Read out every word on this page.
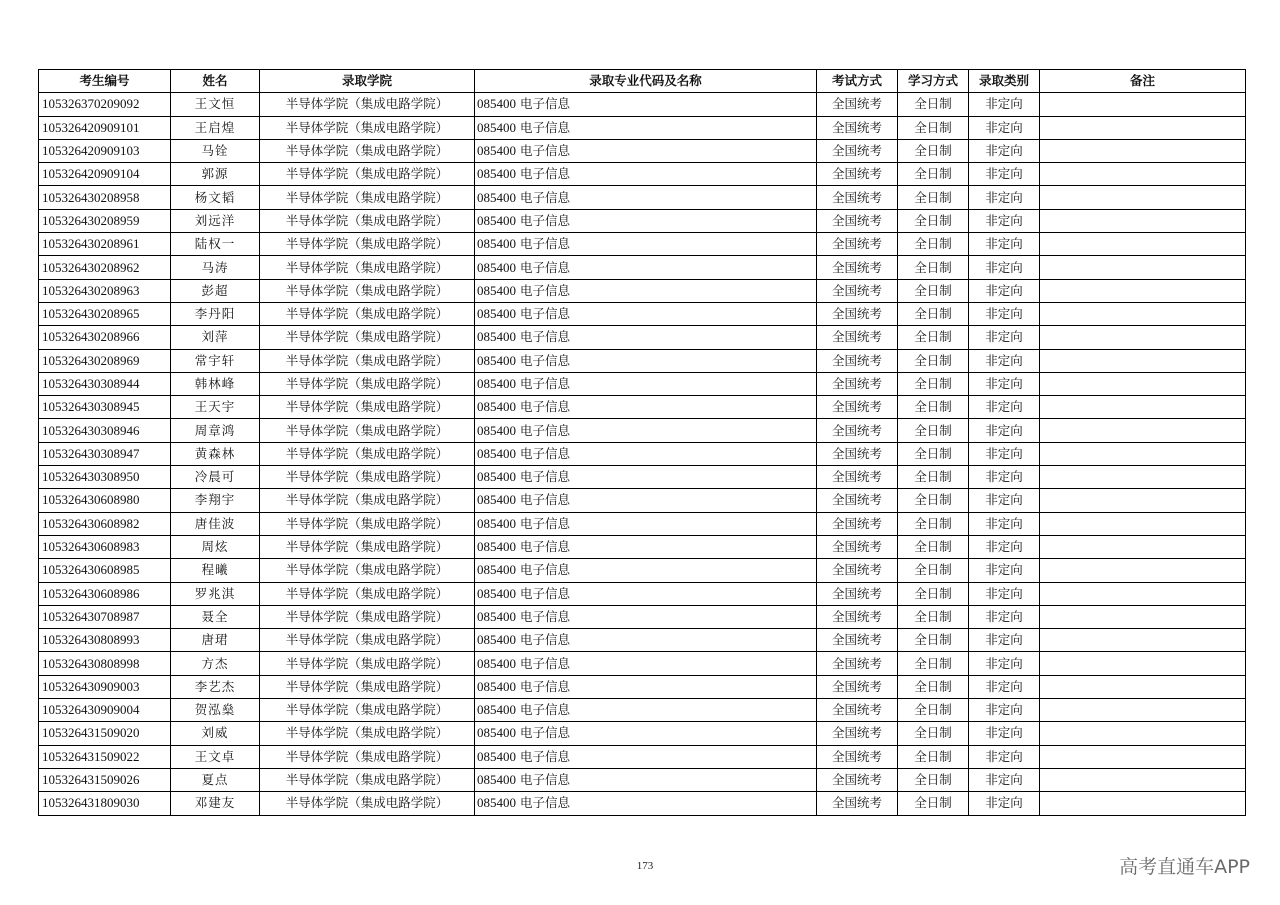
考生编号	姓名	录取学院	录取专业代码及名称	考试方式	学习方式	录取类别	备注
105326370209092	王文恒	半导体学院（集成电路学院）	085400 电子信息	全国统考	全日制	非定向	
105326420909101	王启煌	半导体学院（集成电路学院）	085400 电子信息	全国统考	全日制	非定向	
105326420909103	马铨	半导体学院（集成电路学院）	085400 电子信息	全国统考	全日制	非定向	
105326420909104	郭源	半导体学院（集成电路学院）	085400 电子信息	全国统考	全日制	非定向	
105326430208958	杨文韬	半导体学院（集成电路学院）	085400 电子信息	全国统考	全日制	非定向	
105326430208959	刘远洋	半导体学院（集成电路学院）	085400 电子信息	全国统考	全日制	非定向	
105326430208961	陆权一	半导体学院（集成电路学院）	085400 电子信息	全国统考	全日制	非定向	
105326430208962	马涛	半导体学院（集成电路学院）	085400 电子信息	全国统考	全日制	非定向	
105326430208963	彭超	半导体学院（集成电路学院）	085400 电子信息	全国统考	全日制	非定向	
105326430208965	李丹阳	半导体学院（集成电路学院）	085400 电子信息	全国统考	全日制	非定向	
105326430208966	刘萍	半导体学院（集成电路学院）	085400 电子信息	全国统考	全日制	非定向	
105326430208969	常宇轩	半导体学院（集成电路学院）	085400 电子信息	全国统考	全日制	非定向	
105326430308944	韩林峰	半导体学院（集成电路学院）	085400 电子信息	全国统考	全日制	非定向	
105326430308945	王天宇	半导体学院（集成电路学院）	085400 电子信息	全国统考	全日制	非定向	
105326430308946	周章鸿	半导体学院（集成电路学院）	085400 电子信息	全国统考	全日制	非定向	
105326430308947	黄森林	半导体学院（集成电路学院）	085400 电子信息	全国统考	全日制	非定向	
105326430308950	冷晨可	半导体学院（集成电路学院）	085400 电子信息	全国统考	全日制	非定向	
105326430608980	李翔宇	半导体学院（集成电路学院）	085400 电子信息	全国统考	全日制	非定向	
105326430608982	唐佳波	半导体学院（集成电路学院）	085400 电子信息	全国统考	全日制	非定向	
105326430608983	周炫	半导体学院（集成电路学院）	085400 电子信息	全国统考	全日制	非定向	
105326430608985	程曦	半导体学院（集成电路学院）	085400 电子信息	全国统考	全日制	非定向	
105326430608986	罗兆淇	半导体学院（集成电路学院）	085400 电子信息	全国统考	全日制	非定向	
105326430708987	聂全	半导体学院（集成电路学院）	085400 电子信息	全国统考	全日制	非定向	
105326430808993	唐珺	半导体学院（集成电路学院）	085400 电子信息	全国统考	全日制	非定向	
105326430808998	方杰	半导体学院（集成电路学院）	085400 电子信息	全国统考	全日制	非定向	
105326430909003	李艺杰	半导体学院（集成电路学院）	085400 电子信息	全国统考	全日制	非定向	
105326430909004	贺泓燊	半导体学院（集成电路学院）	085400 电子信息	全国统考	全日制	非定向	
105326431509020	刘威	半导体学院（集成电路学院）	085400 电子信息	全国统考	全日制	非定向	
105326431509022	王文卓	半导体学院（集成电路学院）	085400 电子信息	全国统考	全日制	非定向	
105326431509026	夏点	半导体学院（集成电路学院）	085400 电子信息	全国统考	全日制	非定向	
105326431809030	邓建友	半导体学院（集成电路学院）	085400 电子信息	全国统考	全日制	非定向	
173	高考直通车APP
